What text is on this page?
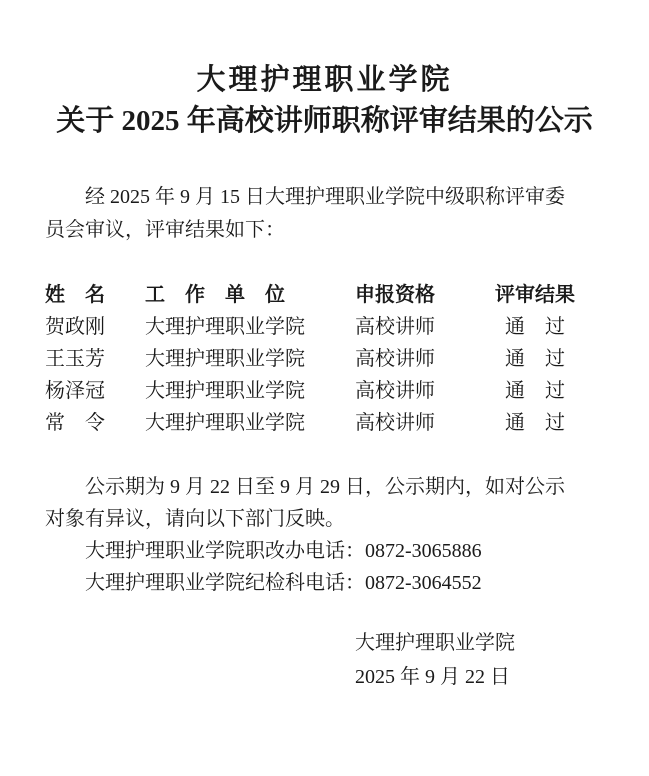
大理护理职业学院
关于 2025 年高校讲师职称评审结果的公示
经 2025 年 9 月 15 日大理护理职业学院中级职称评审委
员会审议，评审结果如下：
姓　名	工　作　单　位	申报资格	评审结果
贺政刚	大理护理职业学院	高校讲师	通　过
王玉芳	大理护理职业学院	高校讲师	通　过
杨泽冠	大理护理职业学院	高校讲师	通　过
常　令	大理护理职业学院	高校讲师	通　过
公示期为 9 月 22 日至 9 月 29 日，公示期内，如对公示
对象有异议，请向以下部门反映。
大理护理职业学院职改办电话：0872-3065886
大理护理职业学院纪检科电话：0872-3064552
大理护理职业学院
2025 年 9 月 22 日
